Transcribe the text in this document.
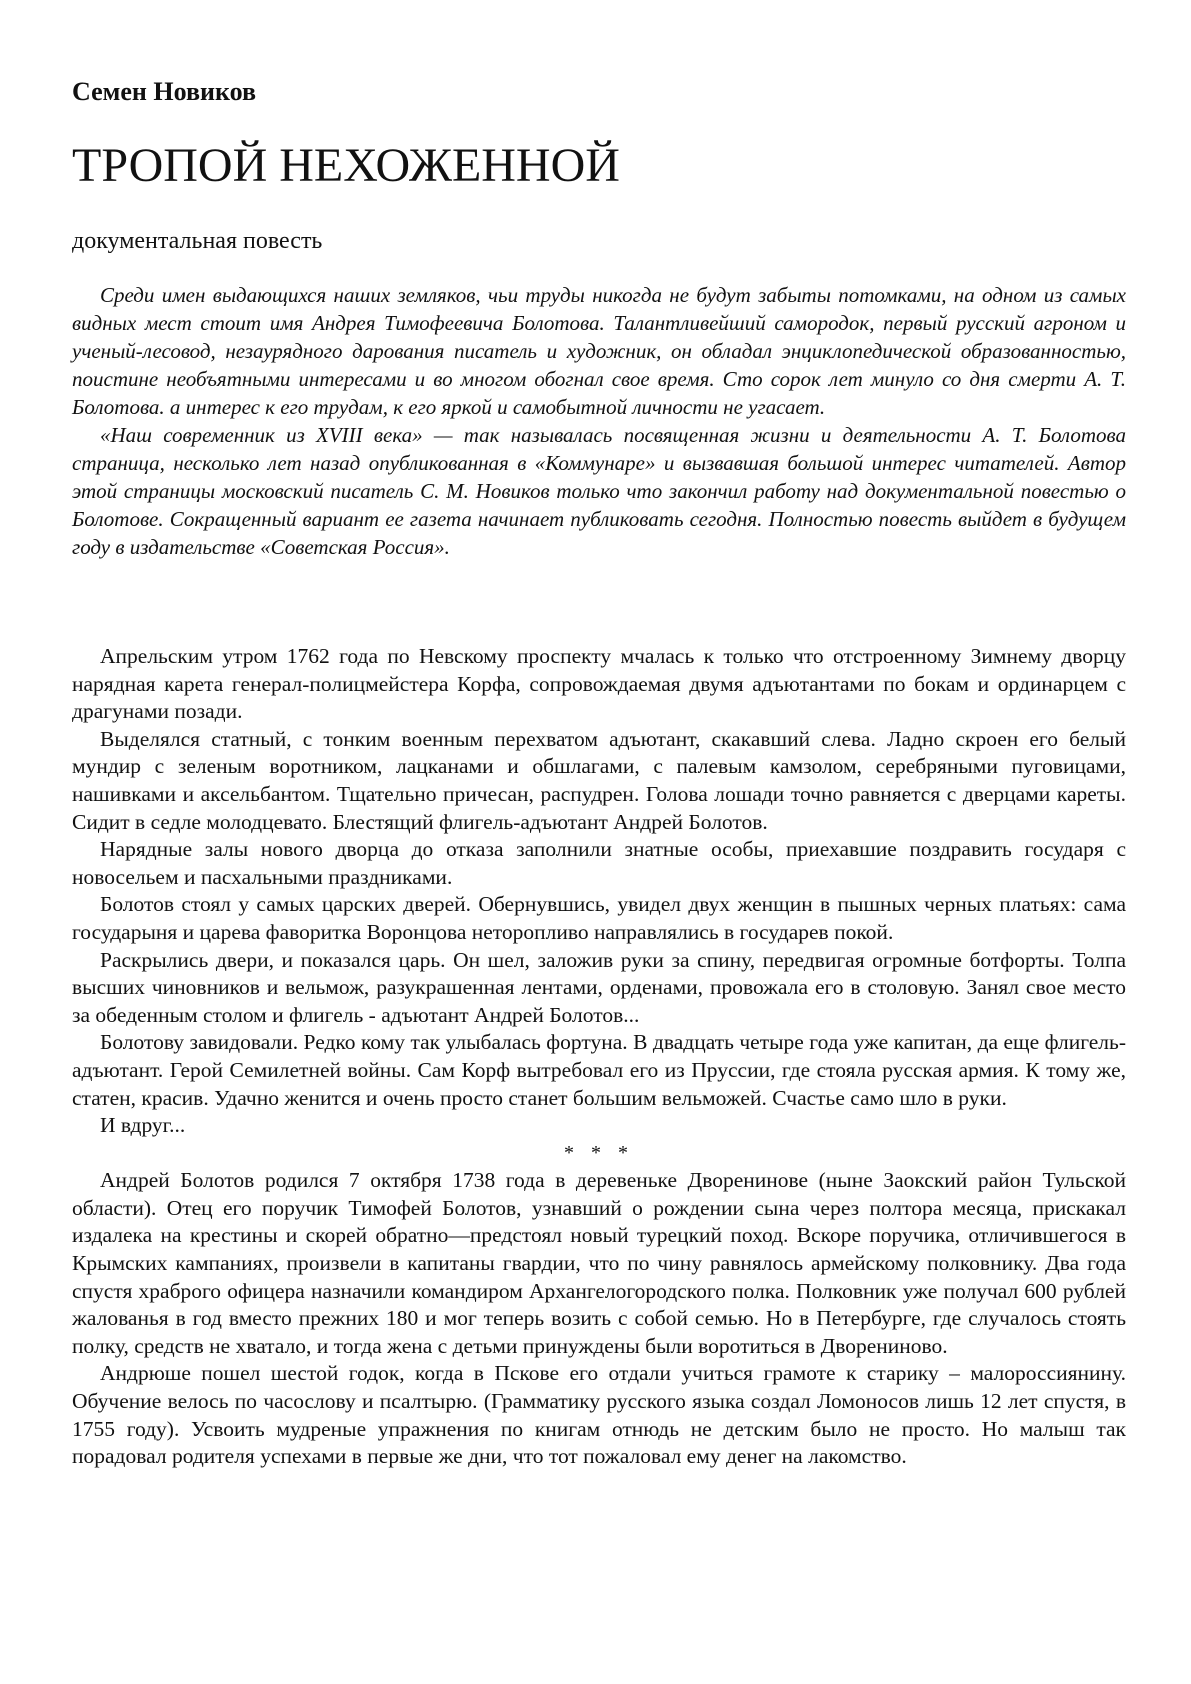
Семен Новиков
ТРОПОЙ НЕХОЖЕННОЙ
документальная повесть

Среди имен выдающихся наших земляков, чьи труды никогда не будут забыты потомками, на одном из самых видных мест стоит имя Андрея Тимофеевича Болотова. Талантливейший самородок, первый русский агроном и ученый-лесовод, незаурядного дарования писатель и художник, он обладал энциклопедической образованностью, поистине необъятными интересами и во многом обогнал свое время. Сто сорок лет минуло со дня смерти А. Т. Болотова. а интерес к его трудам, к его яркой и самобытной личности не угасает.

«Наш современник из XVIII века» — так называлась посвященная жизни и деятельности А. Т. Болотова страница, несколько лет назад опубликованная в «Коммунаре» и вызвавшая большой интерес читателей. Автор этой страницы московский писатель С. М. Новиков только что закончил работу над документальной повестью о Болотове. Сокращенный вариант ее газета начинает публиковать сегодня. Полностью повесть выйдет в будущем году в издательстве «Советская Россия».

Апрельским утром 1762 года по Невскому проспекту мчалась к только что отстроенному Зимнему дворцу нарядная карета генерал-полицмейстера Корфа, сопровождаемая двумя адъютантами по бокам и ординарцем с драгунами позади.

Выделялся статный, с тонким военным перехватом адъютант, скакавший слева. Ладно скроен его белый мундир с зеленым воротником, лацканами и обшлагами, с палевым камзолом, серебряными пуговицами, нашивками и аксельбантом. Тщательно причесан, распудрен. Голова лошади точно равняется с дверцами кареты. Сидит в седле молодцевато. Блестящий флигель-адъютант Андрей Болотов.

Нарядные залы нового дворца до отказа заполнили знатные особы, приехавшие поздравить государя с новосельем и пасхальными праздниками.

Болотов стоял у самых царских дверей. Обернувшись, увидел двух женщин в пышных черных платьях: сама государыня и царева фаворитка Воронцова неторопливо направлялись в государев покой.

Раскрылись двери, и показался царь. Он шел, заложив руки за спину, передвигая огромные ботфорты. Толпа высших чиновников и вельмож, разукрашенная лентами, орденами, провожала его в столовую. Занял свое место за обеденным столом и флигель - адъютант Андрей Болотов...

Болотову завидовали. Редко кому так улыбалась фортуна. В двадцать четыре года уже капитан, да еще флигель-адъютант. Герой Семилетней войны. Сам Корф вытребовал его из Пруссии, где стояла русская армия. К тому же, статен, красив. Удачно женится и очень просто станет большим вельможей. Счастье само шло в руки.

И вдруг...

* * *

Андрей Болотов родился 7 октября 1738 года в деревеньке Двоpенинове (ныне Заокский район Тульской области). Отец его поручик Тимофей Болотов, узнавший о рождении сына через полтора месяца, прискакал издалека на крестины и скорей обратно—предстоял новый турецкий поход. Вскоре поручика, отличившегося в Крымских кампаниях, произвели в капитаны гвардии, что по чину равнялось армейскому полковнику. Два года спустя храброго офицера назначили командиром Архангелогородского полка. Полковник уже получал 600 рублей жалованья в год вместо прежних 180 и мог теперь возить с собой семью. Но в Петербурге, где случалось стоять полку, средств не хватало, и тогда жена с детьми принуждены были воротиться в Дворениново.

Андрюше пошел шестой годок, когда в Пскове его отдали учиться грамоте к старику – малороссиянину. Обучение велось по часослову и псалтырю. (Грамматику русского языка создал Ломоносов лишь 12 лет спустя, в 1755 году). Усвоить мудреные упражнения по книгам отнюдь не детским было не просто. Но малыш так порадовал родителя успехами в первые же дни, что тот пожаловал ему денег на лакомство.
